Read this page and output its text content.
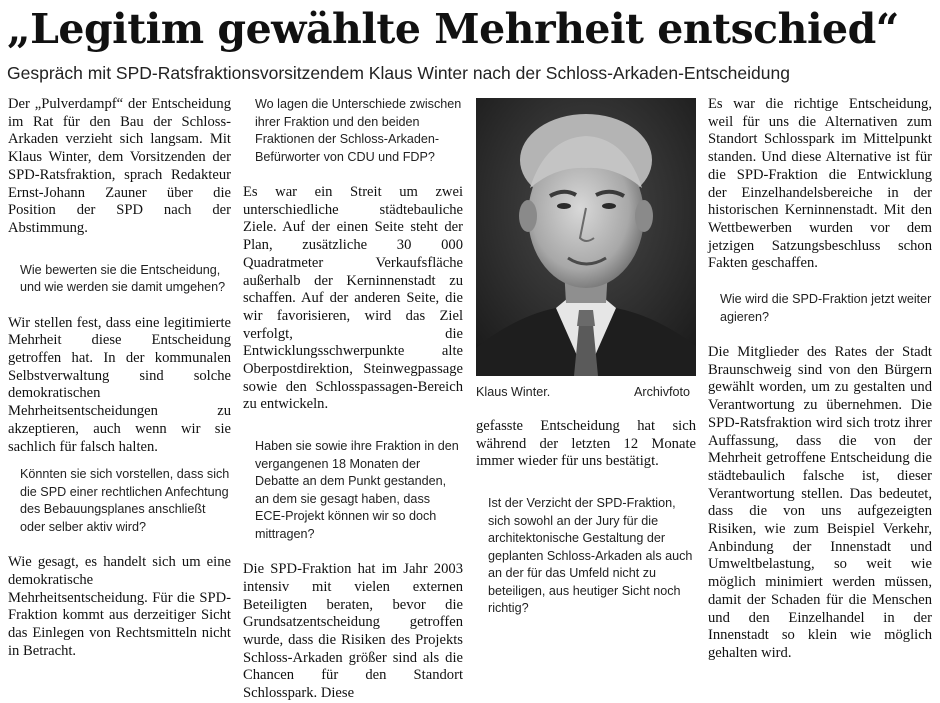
„Legitim gewählte Mehrheit entschied“
Gespräch mit SPD-Ratsfraktionsvorsitzendem Klaus Winter nach der Schloss-Arkaden-Entscheidung

Der „Pulverdampf“ der Entscheidung im Rat für den Bau der Schloss-Arkaden verzieht sich langsam. Mit Klaus Winter, dem Vorsitzenden der SPD-Ratsfraktion, sprach Redakteur Ernst-Johann Zauner über die Position der SPD nach der Abstimmung.

Wie bewerten sie die Entscheidung, und wie werden sie damit umgehen?

Wir stellen fest, dass eine legitimierte Mehrheit diese Entscheidung getroffen hat. In der kommunalen Selbstverwaltung sind solche demokratischen Mehrheitsentscheidungen zu akzeptieren, auch wenn wir sie sachlich für falsch halten.

Könnten sie sich vorstellen, dass sich die SPD einer rechtlichen Anfechtung des Bebauungsplanes anschließt oder selber aktiv wird?

Wie gesagt, es handelt sich um eine demokratische Mehrheitsentscheidung. Für die SPD-Fraktion kommt aus derzeitiger Sicht das Einlegen von Rechtsmitteln nicht in Betracht.

Wo lagen die Unterschiede zwischen ihrer Fraktion und den beiden Fraktionen der Schloss-Arkaden-Befürworter von CDU und FDP?

Es war ein Streit um zwei unterschiedliche städtebauliche Ziele. Auf der einen Seite steht der Plan, zusätzliche 30 000 Quadratmeter Verkaufsfläche außerhalb der Kerninnenstadt zu schaffen. Auf der anderen Seite, die wir favorisieren, wird das Ziel verfolgt, die Entwicklungsschwerpunkte alte Oberpostdirektion, Steinwegpassage sowie den Schlosspassagen-Bereich zu entwickeln.

Haben sie sowie ihre Fraktion in den vergangenen 18 Monaten der Debatte an dem Punkt gestanden, an dem sie gesagt haben, dass ECE-Projekt können wir so doch mittragen?

Die SPD-Fraktion hat im Jahr 2003 intensiv mit vielen externen Beteiligten beraten, bevor die Grundsatzentscheidung getroffen wurde, dass die Risiken des Projekts Schloss-Arkaden größer sind als die Chancen für den Standort Schlosspark. Diese

Klaus Winter.	Archivfoto

gefasste Entscheidung hat sich während der letzten 12 Monate immer wieder für uns bestätigt.

Ist der Verzicht der SPD-Fraktion, sich sowohl an der Jury für die architektonische Gestaltung der geplanten Schloss-Arkaden als auch an der für das Umfeld nicht zu beteiligen, aus heutiger Sicht noch richtig?

Es war die richtige Entscheidung, weil für uns die Alternativen zum Standort Schlosspark im Mittelpunkt standen. Und diese Alternative ist für die SPD-Fraktion die Entwicklung der Einzelhandelsbereiche in der historischen Kerninnenstadt. Mit den Wettbewerben wurden vor dem jetzigen Satzungsbeschluss schon Fakten geschaffen.

Wie wird die SPD-Fraktion jetzt weiter agieren?

Die Mitglieder des Rates der Stadt Braunschweig sind von den Bürgern gewählt worden, um zu gestalten und Verantwortung zu übernehmen. Die SPD-Ratsfraktion wird sich trotz ihrer Auffassung, dass die von der Mehrheit getroffene Entscheidung die städtebaulich falsche ist, dieser Verantwortung stellen. Das bedeutet, dass die von uns aufgezeigten Risiken, wie zum Beispiel Verkehr, Anbindung der Innenstadt und Umweltbelastung, so weit wie möglich minimiert werden müssen, damit der Schaden für die Menschen und den Einzelhandel in der Innenstadt so klein wie möglich gehalten wird.
